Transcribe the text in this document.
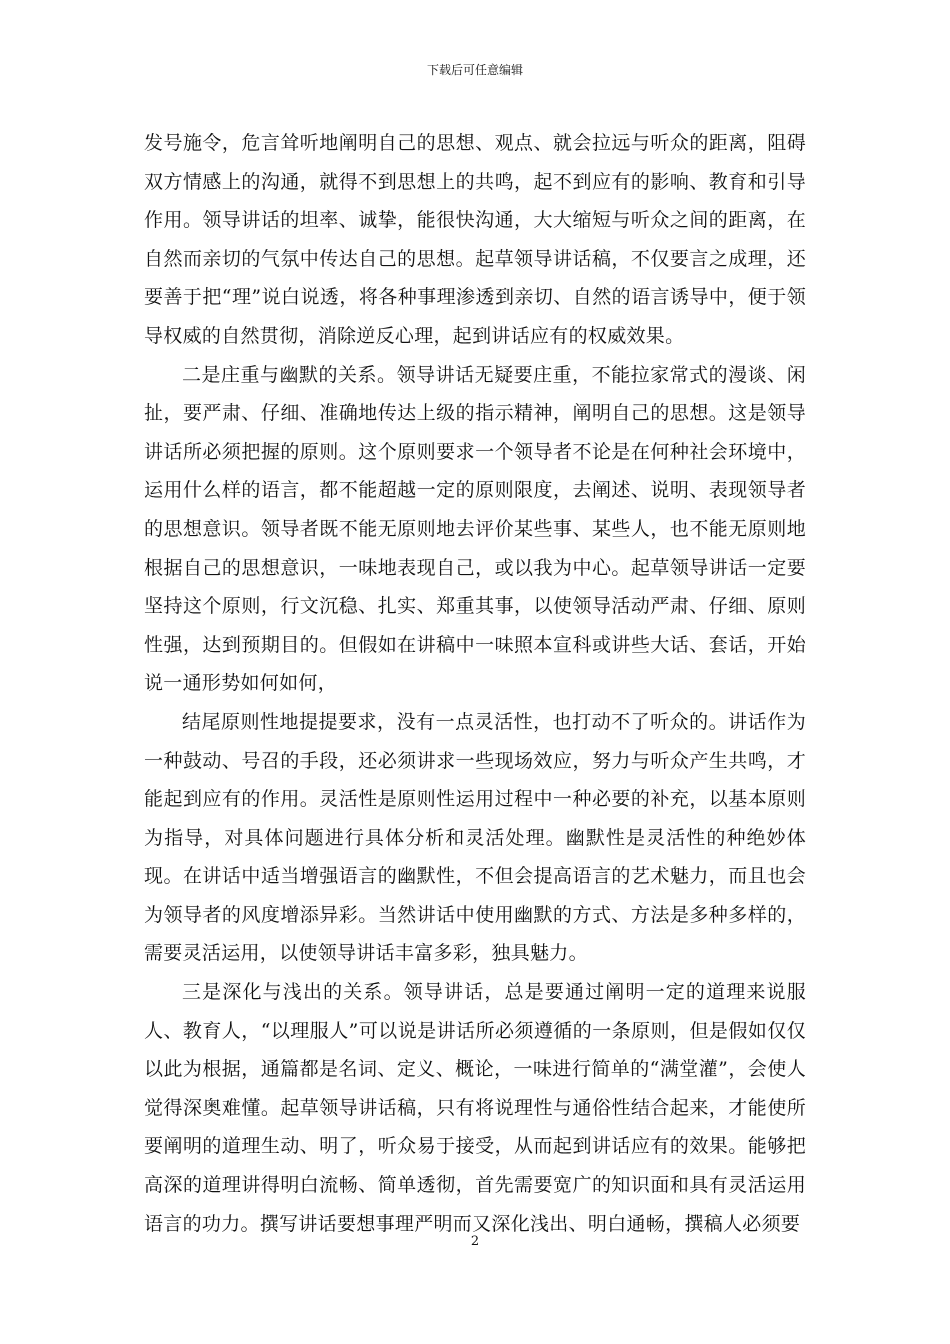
下载后可任意编辑

发号施令，危言耸听地阐明自己的思想、观点、就会拉远与听众的距离，阻碍双方情感上的沟通，就得不到思想上的共鸣，起不到应有的影响、教育和引导作用。领导讲话的坦率、诚挚，能很快沟通，大大缩短与听众之间的距离，在自然而亲切的气氛中传达自己的思想。起草领导讲话稿，不仅要言之成理，还要善于把“理”说白说透，将各种事理渗透到亲切、自然的语言诱导中，便于领导权威的自然贯彻，消除逆反心理，起到讲话应有的权威效果。

二是庄重与幽默的关系。领导讲话无疑要庄重，不能拉家常式的漫谈、闲扯，要严肃、仔细、准确地传达上级的指示精神，阐明自己的思想。这是领导讲话所必须把握的原则。这个原则要求一个领导者不论是在何种社会环境中，运用什么样的语言，都不能超越一定的原则限度，去阐述、说明、表现领导者的思想意识。领导者既不能无原则地去评价某些事、某些人，也不能无原则地根据自己的思想意识，一味地表现自己，或以我为中心。起草领导讲话一定要坚持这个原则，行文沉稳、扎实、郑重其事，以使领导活动严肃、仔细、原则性强，达到预期目的。但假如在讲稿中一味照本宣科或讲些大话、套话，开始说一通形势如何如何，

结尾原则性地提提要求，没有一点灵活性，也打动不了听众的。讲话作为一种鼓动、号召的手段，还必须讲求一些现场效应，努力与听众产生共鸣，才能起到应有的作用。灵活性是原则性运用过程中一种必要的补充，以基本原则为指导，对具体问题进行具体分析和灵活处理。幽默性是灵活性的种绝妙体现。在讲话中适当增强语言的幽默性，不但会提高语言的艺术魅力，而且也会为领导者的风度增添异彩。当然讲话中使用幽默的方式、方法是多种多样的，需要灵活运用，以使领导讲话丰富多彩，独具魅力。

三是深化与浅出的关系。领导讲话，总是要通过阐明一定的道理来说服人、教育人，“以理服人”可以说是讲话所必须遵循的一条原则，但是假如仅仅以此为根据，通篇都是名词、定义、概论，一味进行简单的“满堂灌”，会使人觉得深奥难懂。起草领导讲话稿，只有将说理性与通俗性结合起来，才能使所要阐明的道理生动、明了，听众易于接受，从而起到讲话应有的效果。能够把高深的道理讲得明白流畅、简单透彻，首先需要宽广的知识面和具有灵活运用语言的功力。撰写讲话要想事理严明而又深化浅出、明白通畅，撰稿人必须要

2
